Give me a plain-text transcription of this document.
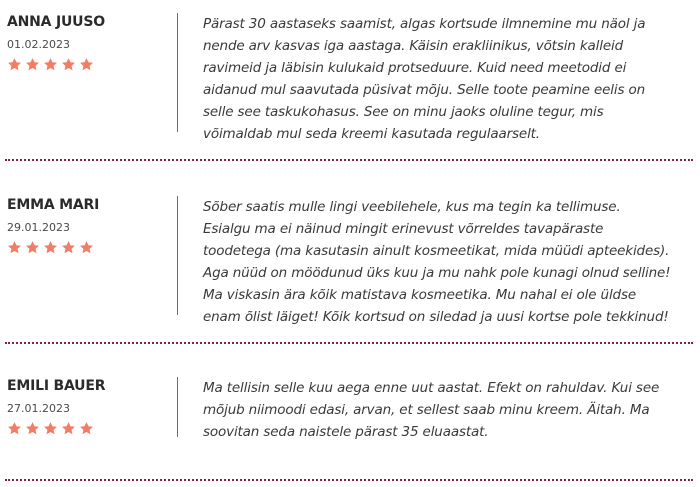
ANNA JUUSO
01.02.2023

Pärast 30 aastaseks saamist, algas kortsude ilmnemine mu näol ja nende arv kasvas iga aastaga. Käisin erakliinikus, võtsin kalleid ravimeid ja läbisin kulukaid protseduure. Kuid need meetodid ei aidanud mul saavutada püsivat mõju. Selle toote peamine eelis on selle see taskukohasus. See on minu jaoks oluline tegur, mis võimaldab mul seda kreemi kasutada regulaarselt.

EMMA MARI
29.01.2023

Sõber saatis mulle lingi veebilehele, kus ma tegin ka tellimuse. Esialgu ma ei näinud mingit erinevust võrreldes tavapäraste toodetega (ma kasutasin ainult kosmeetikat, mida müüdi apteekides). Aga nüüd on möödunud üks kuu ja mu nahk pole kunagi olnud selline! Ma viskasin ära kõik matistava kosmeetika. Mu nahal ei ole üldse enam õlist läiget! Kõik kortsud on siledad ja uusi kortse pole tekkinud!

EMILI BAUER
27.01.2023

Ma tellisin selle kuu aega enne uut aastat. Efekt on rahuldav. Kui see mõjub niimoodi edasi, arvan, et sellest saab minu kreem. Äitah. Ma soovitan seda naistele pärast 35 eluaastat.
